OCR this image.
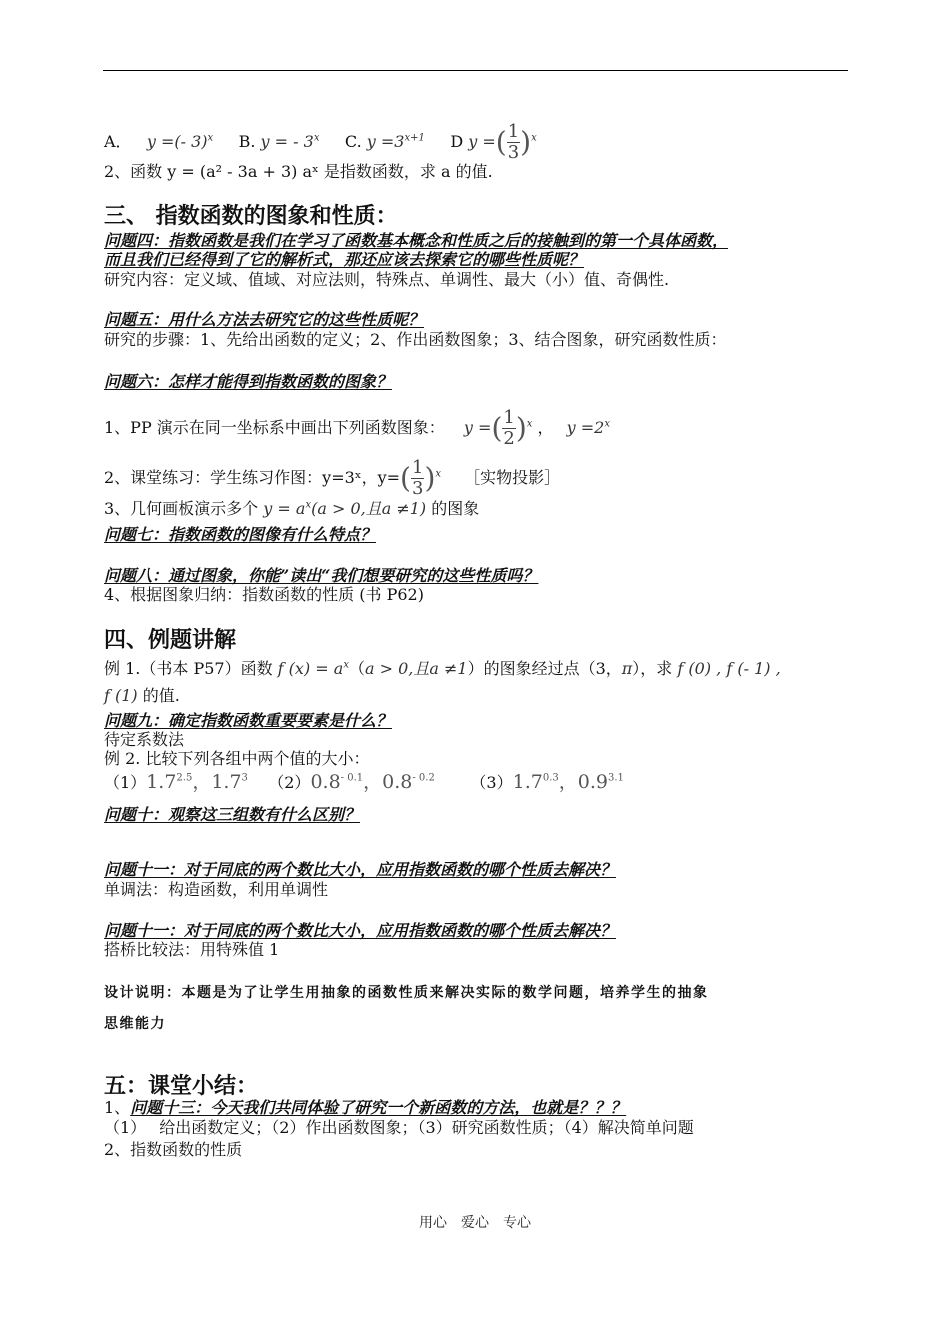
A．   y =(- 3)$^x$ B. y = - 3$^x$ C. $y =3^{x+1}$ D y =( $\frac{1}{3} )^x$
2、函数 y = (a² - 3a + 3) aˣ 是指数函数，求 a 的值.
三、 指数函数的图象和性质：
问题四：指数函数是我们在学习了函数基本概念和性质之后的接触到的第一个具体函数，
而且我们已经得到了它的解析式，那还应该去探索它的哪些性质呢？
研究内容：定义域、值域、对应法则，特殊点、单调性、最大（小）值、奇偶性.
问题五：用什么方法去研究它的这些性质呢？
研究的步骤：1、先给出函数的定义；2、作出函数图象；3、结合图象，研究函数性质：
问题六：怎样才能得到指数函数的图象？
1、PP 演示在同一坐标系中画出下列函数图象： y =( $\frac{1}{2} )^x$ ， $y =2^x$
2、课堂练习：学生练习作图：y=3ˣ，$y=( \frac{1}{3} )^x$ ［实物投影］
3、几何画板演示多个 $y = a^x(a > 0$,且a ≠1) 的图象
问题七：指数函数的图像有什么特点？
问题八：通过图象，你能”读出“我们想要研究的这些性质吗？
4、根据图象归纳：指数函数的性质 (书 P62)
四、例题讲解
例 1.（书本 P57）函数 f $(x) = a^x(a > 0$,且a ≠1）的图象经过点（3，π），求 f (0) , f (- 1) ,
f (1) 的值.
问题九：确定指数函数重要要素是什么？
待定系数法
例 2. 比较下列各组中两个值的大小：
$(1)1.7^{2.5}$，$1.7^3$ $(2)0.8^{- 0.1}$，$0.8^{- 0.2}$ $(3)1.7^{0.3}$，$0.9^{3.1}$
问题十：观察这三组数有什么区别？
问题十一：对于同底的两个数比大小，应用指数函数的哪个性质去解决？
单调法：构造函数，利用单调性
问题十一：对于同底的两个数比大小，应用指数函数的哪个性质去解决？
搭桥比较法：用特殊值 1
设计说明：本题是为了让学生用抽象的函数性质来解决实际的数学问题，培养学生的抽象
思维能力
五：课堂小结：
1、问题十三：今天我们共同体验了研究一个新函数的方法，也就是？？？
（1）　 给出函数定义；（2）作出函数图象；（3）研究函数性质；（4）解决简单问题
2、指数函数的性质
用心　爱心　专心
